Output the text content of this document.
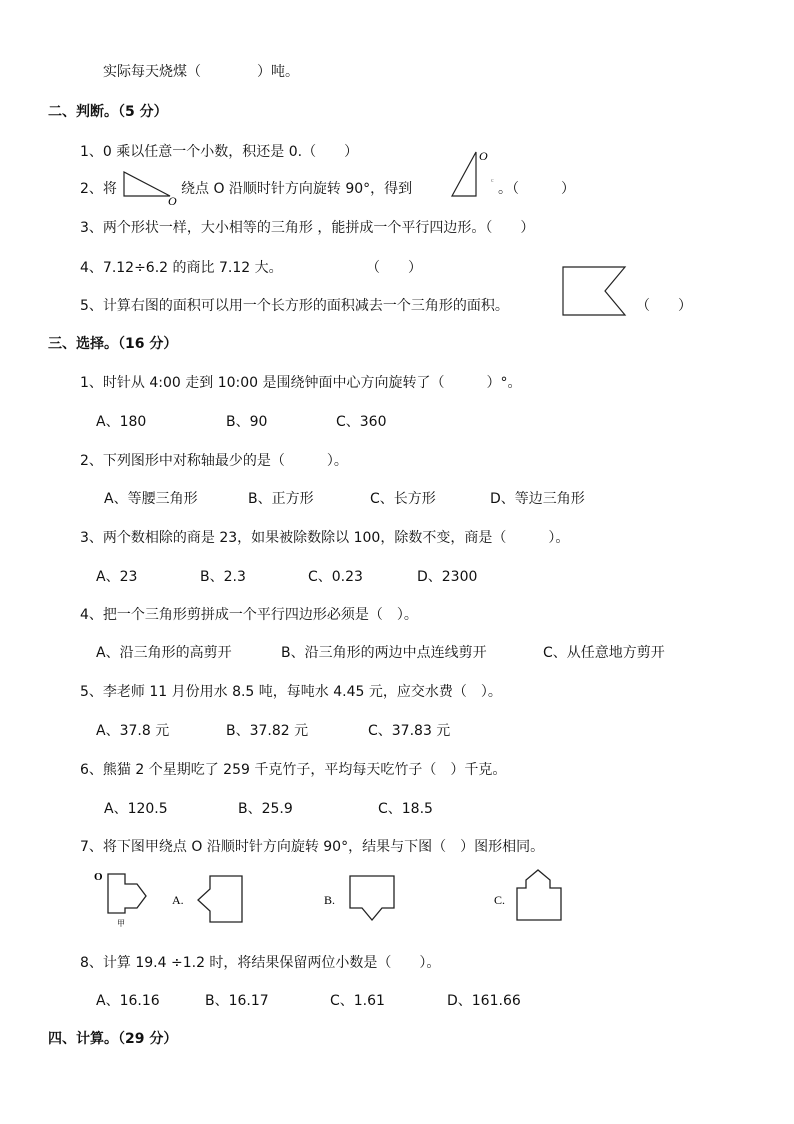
实际每天烧煤（　　　　）吨。
二、判断。（5 分）
1、0 乘以任意一个小数，积还是 0.（　　）
2、将
O
绕点 O 沿顺时针方向旋转 90°，得到
O
c 。（　　　）
3、两个形状一样，大小相等的三角形 ，能拼成一个平行四边形。（　　）
4、7.12÷6.2 的商比 7.12 大。	（　　）
5、计算右图的面积可以用一个长方形的面积减去一个三角形的面积。	（　　）
三、选择。（16 分）
1、时针从 4:00 走到 10:00 是围绕钟面中心方向旋转了（　　　）°。
A、180	B、90	C、360
2、下列图形中对称轴最少的是（　　　）。
A、等腰三角形	B、正方形	C、长方形	D、等边三角形
3、两个数相除的商是 23，如果被除数除以 100，除数不变，商是（　　　）。
A、23	B、2.3	C、0.23	D、2300
4、把一个三角形剪拼成一个平行四边形必须是（　）。
A、沿三角形的高剪开	B、沿三角形的两边中点连线剪开	C、从任意地方剪开
5、李老师 11 月份用水 8.5 吨，每吨水 4.45 元，应交水费（　）。
A、37.8 元	B、37.82 元	C、37.83 元
6、熊猫 2 个星期吃了 259 千克竹子，平均每天吃竹子（　）千克。
A、120.5	B、25.9	C、18.5
7、将下图甲绕点 O 沿顺时针方向旋转 90°，结果与下图（　）图形相同。
O
甲
A.	B.	C.
8、计算 19.4 ÷1.2 时，将结果保留两位小数是（　　）。
A、16.16	B、16.17	C、1.61	D、161.66
四、计算。（29 分）
